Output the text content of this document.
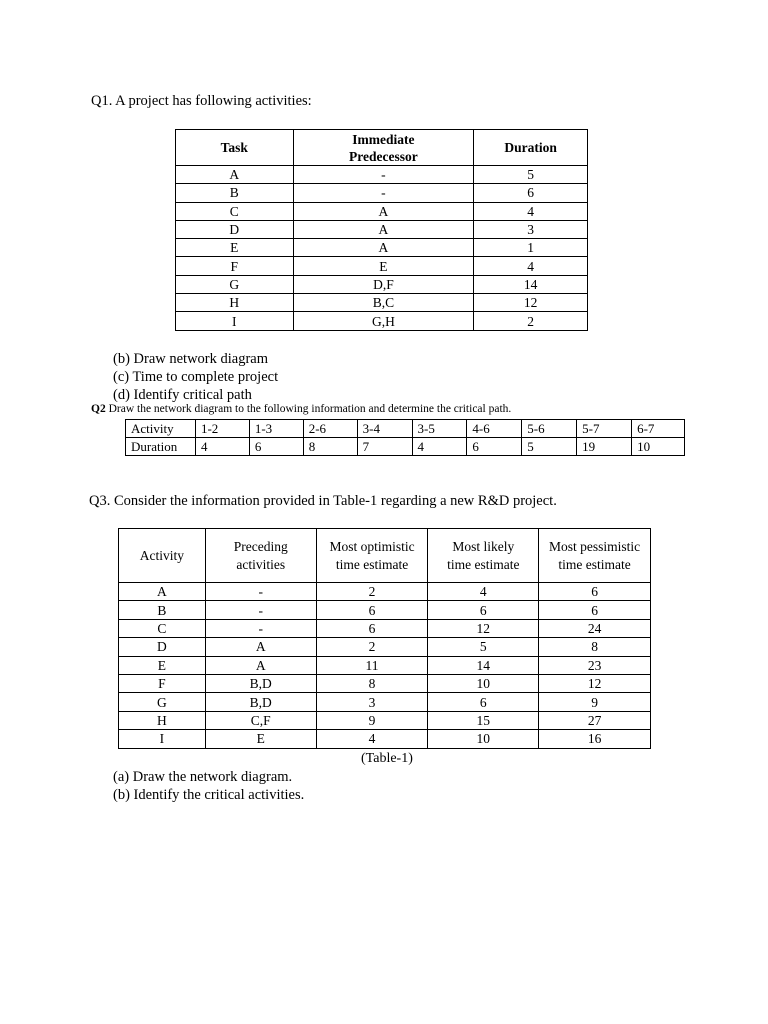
Q1. A project has following activities:
Task	Immediate Predecessor	Duration
A	-	5
B	-	6
C	A	4
D	A	3
E	A	1
F	E	4
G	D,F	14
H	B,C	12
I	G,H	2
(b) Draw network diagram
(c) Time to complete project
(d) Identify critical path
Q2 Draw the network diagram to the following information and determine the critical path.
Activity	1-2	1-3	2-6	3-4	3-5	4-6	5-6	5-7	6-7
Duration	4	6	8	7	4	6	5	19	10
Q3. Consider the information provided in Table-1 regarding a new R&D project.
Activity	Preceding activities	Most optimistic time estimate	Most likely time estimate	Most pessimistic time estimate
A	-	2	4	6
B	-	6	6	6
C	-	6	12	24
D	A	2	5	8
E	A	11	14	23
F	B,D	8	10	12
G	B,D	3	6	9
H	C,F	9	15	27
I	E	4	10	16
(Table-1)
(a) Draw the network diagram.
(b) Identify the critical activities.
